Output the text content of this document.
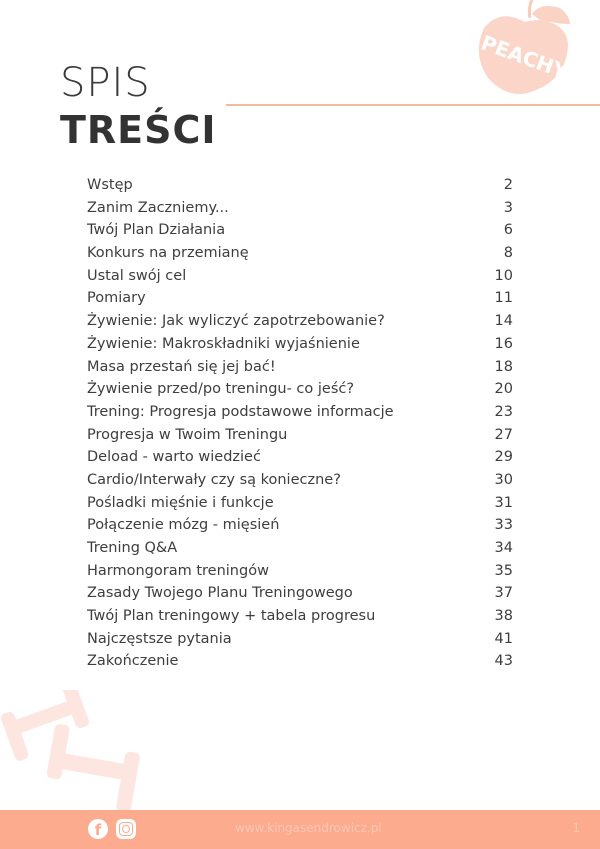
PEACHY
SPIS
TREŚCI
Wstęp	2
Zanim Zaczniemy...	3
Twój Plan Działania	6
Konkurs na przemianę	8
Ustal swój cel	10
Pomiary	11
Żywienie: Jak wyliczyć zapotrzebowanie?	14
Żywienie: Makroskładniki wyjaśnienie	16
Masa przestań się jej bać!	18
Żywienie przed/po treningu- co jeść?	20
Trening: Progresja podstawowe informacje	23
Progresja w Twoim Treningu	27
Deload - warto wiedzieć	29
Cardio/Interwały czy są konieczne?	30
Pośladki mięśnie i funkcje	31
Połączenie mózg - mięsień	33
Trening Q&A	34
Harmongoram treningów	35
Zasady Twojego Planu Treningowego	37
Twój Plan treningowy + tabela progresu	38
Najczęstsze pytania	41
Zakończenie	43
f	www.kingasendrowicz.pl	1
